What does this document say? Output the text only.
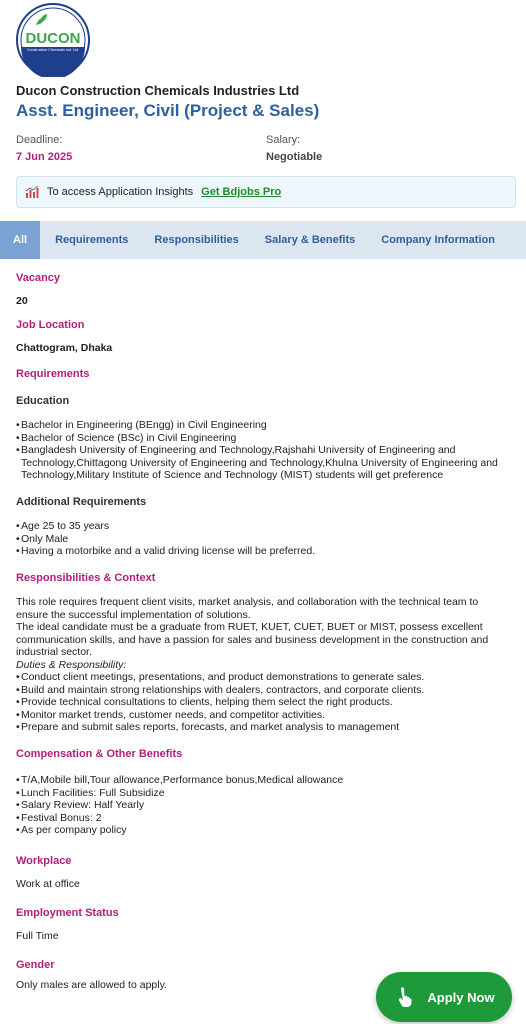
DUCON
Construction Chemicals Ind. Ltd.
Ducon Construction Chemicals Industries Ltd
Asst. Engineer, Civil (Project & Sales)
Deadline:
7 Jun 2025
Salary:
Negotiable
To access Application Insights Get Bdjobs Pro
All	Requirements	Responsibilities	Salary & Benefits	Company Information
Vacancy
20
Job Location
Chattogram, Dhaka
Requirements
Education
• Bachelor in Engineering (BEngg) in Civil Engineering
• Bachelor of Science (BSc) in Civil Engineering
• Bangladesh University of Engineering and Technology,Rajshahi University of Engineering and Technology,Chittagong University of Engineering and Technology,Khulna University of Engineering and Technology,Military Institute of Science and Technology (MIST) students will get preference
Additional Requirements
• Age 25 to 35 years
• Only Male
• Having a motorbike and a valid driving license will be preferred.
Responsibilities & Context
This role requires frequent client visits, market analysis, and collaboration with the technical team to ensure the successful implementation of solutions.
The ideal candidate must be a graduate from RUET, KUET, CUET, BUET or MIST, possess excellent communication skills, and have a passion for sales and business development in the construction and industrial sector.
Duties & Responsibility:
• Conduct client meetings, presentations, and product demonstrations to generate sales.
• Build and maintain strong relationships with dealers, contractors, and corporate clients.
• Provide technical consultations to clients, helping them select the right products.
• Monitor market trends, customer needs, and competitor activities.
• Prepare and submit sales reports, forecasts, and market analysis to management
Compensation & Other Benefits
• T/A,Mobile bill,Tour allowance,Performance bonus,Medical allowance
• Lunch Facilities: Full Subsidize
• Salary Review: Half Yearly
• Festival Bonus: 2
• As per company policy
Workplace
Work at office
Employment Status
Full Time
Gender
Only males are allowed to apply.
Apply Now
